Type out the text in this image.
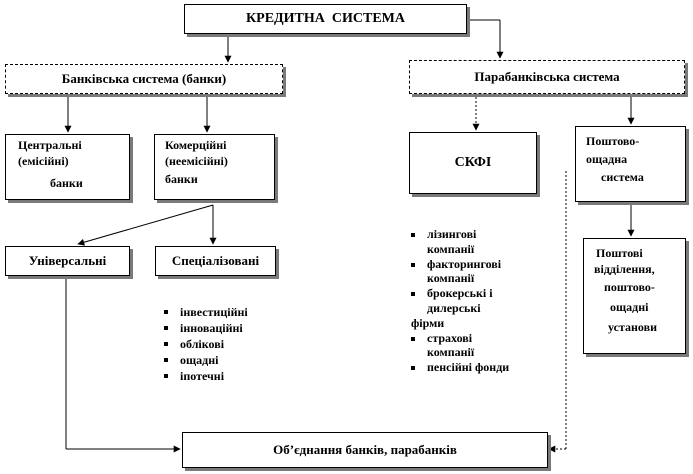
КРЕДИТНА  СИСТЕМА
Банківська система (банки)	Парабанківська система
Центральні
(емісійні)
банки
Комерційні
(неемісійні)
банки
СКФІ
Поштово-
ощадна
система
Універсальні	Спеціалізовані	Поштові
відділення,
поштово-
ощадні
установи
інвестиційні
інноваційні
облікові
ощадні
іпотечні
лізингові
компанії
факторингові
компанії
брокерські і
дилерські
фірми
страхові
компанії
пенсійні фонди
Об’єднання банків, парабанків
